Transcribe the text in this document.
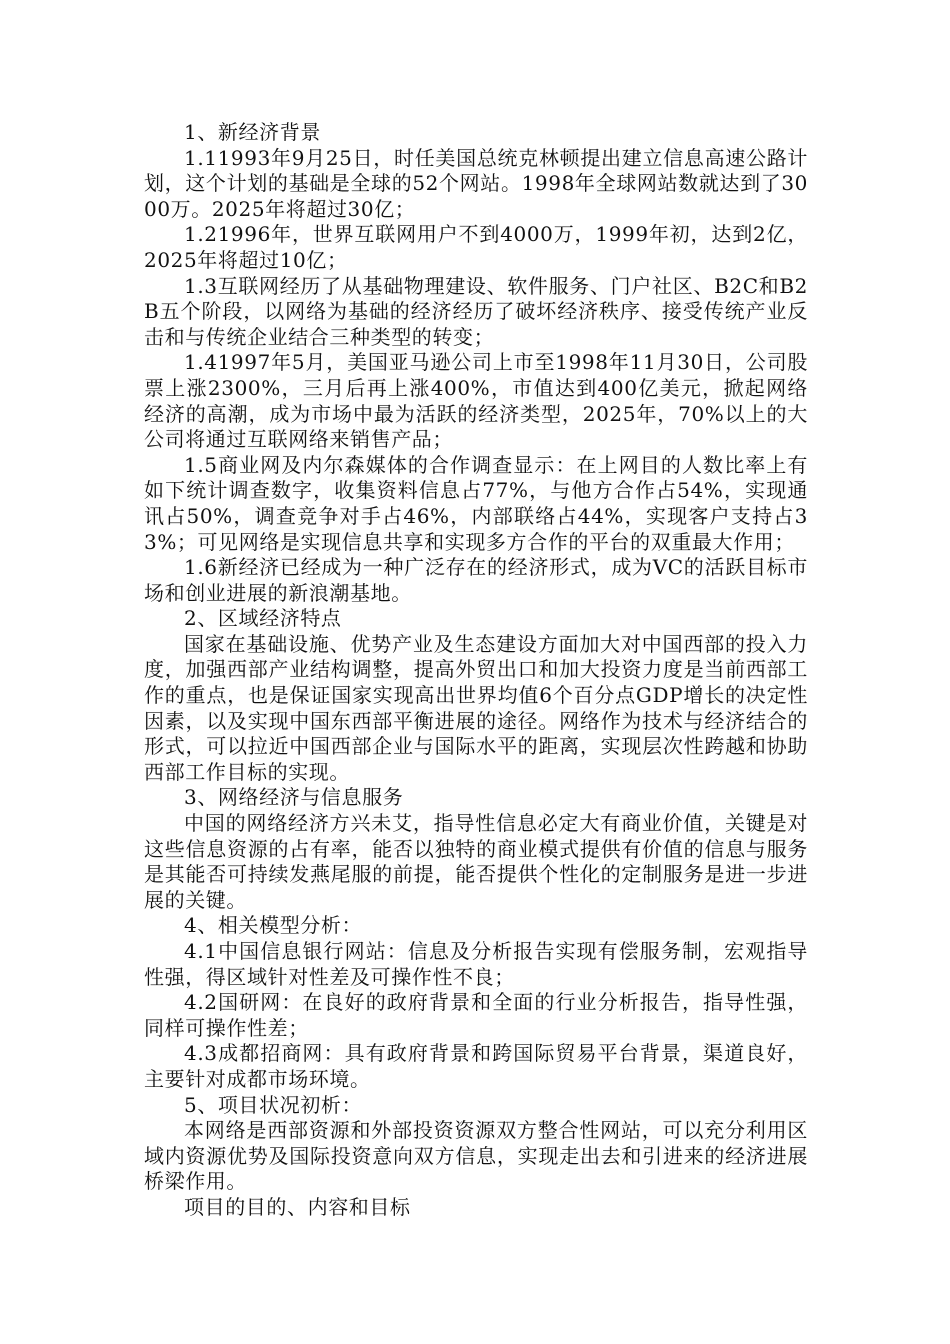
1、新经济背景

1.11993年9月25日，时任美国总统克林顿提出建立信息高速公路计划，这个计划的基础是全球的52个网站。1998年全球网站数就达到了3000万。2025年将超过30亿；

1.21996年，世界互联网用户不到4000万，1999年初，达到2亿，2025年将超过10亿；

1.3互联网经历了从基础物理建设、软件服务、门户社区、B2C和B2B五个阶段，以网络为基础的经济经历了破坏经济秩序、接受传统产业反击和与传统企业结合三种类型的转变；

1.41997年5月，美国亚马逊公司上市至1998年11月30日，公司股票上涨2300%，三月后再上涨400%，市值达到400亿美元，掀起网络经济的高潮，成为市场中最为活跃的经济类型，2025年，70%以上的大公司将通过互联网络来销售产品；

1.5商业网及内尔森媒体的合作调查显示：在上网目的人数比率上有如下统计调查数字，收集资料信息占77%，与他方合作占54%，实现通讯占50%，调查竞争对手占46%，内部联络占44%，实现客户支持占33%；可见网络是实现信息共享和实现多方合作的平台的双重最大作用；

1.6新经济已经成为一种广泛存在的经济形式，成为VC的活跃目标市场和创业进展的新浪潮基地。

2、区域经济特点

国家在基础设施、优势产业及生态建设方面加大对中国西部的投入力度，加强西部产业结构调整，提高外贸出口和加大投资力度是当前西部工作的重点，也是保证国家实现高出世界均值6个百分点GDP增长的决定性因素，以及实现中国东西部平衡进展的途径。网络作为技术与经济结合的形式，可以拉近中国西部企业与国际水平的距离，实现层次性跨越和协助西部工作目标的实现。

3、网络经济与信息服务

中国的网络经济方兴未艾，指导性信息必定大有商业价值，关键是对这些信息资源的占有率，能否以独特的商业模式提供有价值的信息与服务是其能否可持续发燕尾服的前提，能否提供个性化的定制服务是进一步进展的关键。

4、相关模型分析：

4.1中国信息银行网站：信息及分析报告实现有偿服务制，宏观指导性强，得区域针对性差及可操作性不良；

4.2国研网：在良好的政府背景和全面的行业分析报告，指导性强，同样可操作性差；

4.3成都招商网：具有政府背景和跨国际贸易平台背景，渠道良好，主要针对成都市场环境。

5、项目状况初析：

本网络是西部资源和外部投资资源双方整合性网站，可以充分利用区域内资源优势及国际投资意向双方信息，实现走出去和引进来的经济进展桥梁作用。

项目的目的、内容和目标
